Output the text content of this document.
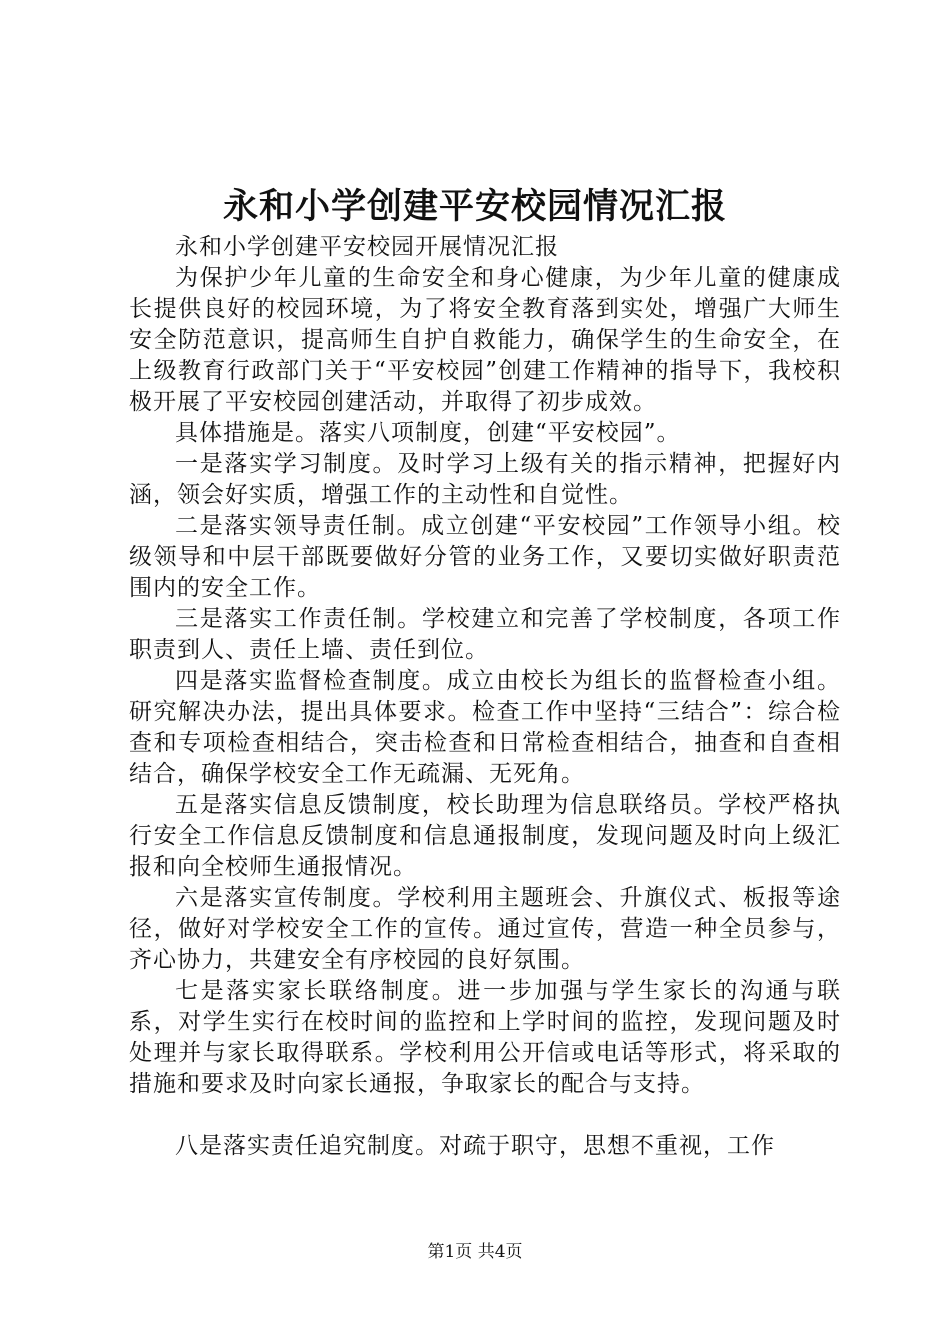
永和小学创建平安校园情况汇报

永和小学创建平安校园开展情况汇报

为保护少年儿童的生命安全和身心健康，为少年儿童的健康成长提供良好的校园环境，为了将安全教育落到实处，增强广大师生安全防范意识，提高师生自护自救能力，确保学生的生命安全，在上级教育行政部门关于“平安校园”创建工作精神的指导下，我校积极开展了平安校园创建活动，并取得了初步成效。

具体措施是。落实八项制度，创建“平安校园”。

一是落实学习制度。及时学习上级有关的指示精神，把握好内涵，领会好实质，增强工作的主动性和自觉性。

二是落实领导责任制。成立创建“平安校园”工作领导小组。校级领导和中层干部既要做好分管的业务工作，又要切实做好职责范围内的安全工作。

三是落实工作责任制。学校建立和完善了学校制度，各项工作职责到人、责任上墙、责任到位。

四是落实监督检查制度。成立由校长为组长的监督检查小组。研究解决办法，提出具体要求。检查工作中坚持“三结合”：综合检查和专项检查相结合，突击检查和日常检查相结合，抽查和自查相结合，确保学校安全工作无疏漏、无死角。

五是落实信息反馈制度，校长助理为信息联络员。学校严格执行安全工作信息反馈制度和信息通报制度，发现问题及时向上级汇报和向全校师生通报情况。

六是落实宣传制度。学校利用主题班会、升旗仪式、板报等途径，做好对学校安全工作的宣传。通过宣传，营造一种全员参与，齐心协力，共建安全有序校园的良好氛围。

七是落实家长联络制度。进一步加强与学生家长的沟通与联系，对学生实行在校时间的监控和上学时间的监控，发现问题及时处理并与家长取得联系。学校利用公开信或电话等形式，将采取的措施和要求及时向家长通报，争取家长的配合与支持。

八是落实责任追究制度。对疏于职守，思想不重视，工作

第1页 共4页
